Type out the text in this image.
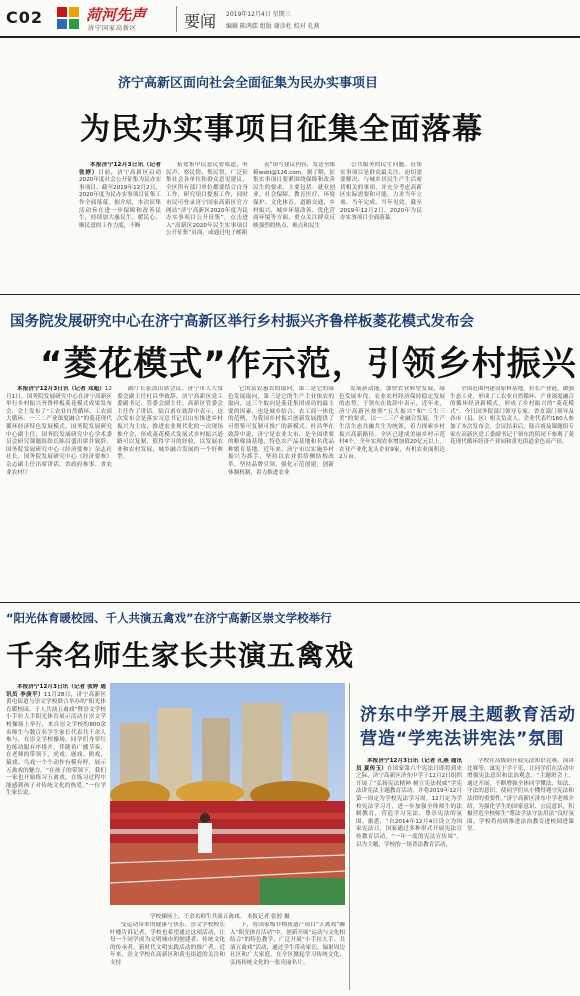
C02	菏河先声
济宁国家高新区	要闻 2019年12月4日 星期三
编辑 陈鸿儒 组版 谢彦杜 校对 孔燕
济宁高新区面向社会全面征集为民办实事项目
为民办实事项目征集全面落幕

本报济宁12月3日讯（记者 张婷）目前，济宁高新区启动2020年度社会公开征集为民办实事项目，截至2019年12月2日，2020年度为民办实事项目征集工作全面落幕。据介绍，本次征集活动旨在进一步保障和改善民生，持续加大惠民生、暖民心、顺民意的工作力度，不断

拓宽集中民意民智渠道，听民声、察民情、集民智，广泛征集社会各单位和群众意见建议，全区所有部门单位都要结合自身工作，研究项目提报工作，同时市民可登录济宁国家高新区官方网站“济宁高新区2020年度为民办实事项目公开征集”，点击进入“高新区2020年民生实事项目公开征集”页面，或通过电子邮箱

表”填写建议内容，发送至邮箱wsbl@126.com。据了解，征集实事项目要紧围绕保障和改善民生的要求，主要包括：就业创业、社会保障、教育医疗、环境保护、文化体育、道路交通、乡村振兴、城乡环境改善、优化营商环境等方面，重点关注群众反映强烈的热点、难点和民生

公共服务的民生问题。征集实事项目是群众最关注、迫切需要解决、与城乡居民生产生活密切相关的事项，并充分考虑高新区实际需要和可能，力求当年立项、当年完成、当年见效。截至2019年12月2日，2020年为民办实事项目全面落幕。

国务院发展研究中心在济宁高新区举行乡村振兴齐鲁样板菱花模式发布会
“菱花模式”作示范，引领乡村振兴

本报济宁12月3日讯（记者 邓超）12月1日，国务院发展研究中心在济宁高新区举行乡村振兴齐鲁样板菱花模式成果发布会，会上发布了“工农业自然循环、工农商大循环、一三二产业深度融合”的菱花现代循环经济特色发展模式。国务院发展研究中心副主任、国务院发展研究中心学术委员会研究课题组组长陈昌盛出席并致辞，国务院发展研究中心《经济要参》杂志社社长、国务院发展研究中心《经济要参》杂志副主任出席讲话，省政府参事、省农业农村厅

副厅长张凯出席会议。济宁市人大常委会副主任杜昌华致辞，济宁高新区党工委副书记、管委会副主任、高新区管委会主任作了讲话。陆百甫在致辞中表示，这次发布会是落实习总书记以山东推进乡村振兴为主攻、推进农业现代化的一次现场推介会，形成菱花模式发展式乡村振兴道路可以复制、值得学习的经验，以发展农业和农村发展，城乡融合发展的一个好典型。

它的富农惠农的取向，第二是它的绿色发展取向，第三是它的生产主业依农的取向，这三个取向是菱花集团成功的最主要的因素，也是城乡结合、农工商一体化的范例，为我国乡村振兴创新发展提供了可借鉴可复制可推广的新模式。杜昌华在致辞中说，济宁是农业大市，是全国重要的粮棉油基地，特色农产品基地和名优品种繁育基地。近年来，济宁市以实施乡村振兴为抓手，坚持以农业供给侧结构改革，坚持品牌引领，强化示范创建，创新体制机制，着力推进农业

发展新动能，加快农业转型发展，绿色发展步伐，农业农村经济保持稳定发展的态势。于领东在致辞中表示，近年来，济宁高新区按照“五大振兴”和“三生三美”的要求，以一二三产业融合发展、生产生活生态共融共生为统领，着力探索乡村振兴高新路径。全区已建成美丽乡村示范村4个，全年实现农业增加值20亿元以上，农业产业化龙头企业9家，有机农业面积达2万亩。

全国范围内建设原料基地，拉长产业链，做强生态工业，形成了工农业自然循环、产业深度融合的循环经济新模式，形成了乡村振兴的“菱花模式”。今日国务院部门领导专家、省直部门领导及各市（县、区）相关负责人、企业代表约160人参加了本次发布会。会议结束后，陆百甫及课题组专家在高新区党工委副书记于领东的陪同下参观了菱花现代循环经济产业园和黄屯街道金色高产田。

“阳光体育暖校园、千人共演五禽戏”在济宁高新区崇文学校举行
千余名师生家长共演五禽戏

本报济宁12月3日讯（记者 张婷 通讯员 李庚平）11月28日，济宁高新区黄屯街道与崇文学校联合举办的“阳光体育暖校园、千人共演五禽戏”暨崇文学校小手拉大手阳光体育展示活动在崇文学校操场上举行，来自崇文学校的800余名师生与数百名学生家长代表共千余人参与。在崇文学校操场，同学们身穿红色练功服有序排开，伴随着广播节奏，在老师的带领下，虎戏、鹿戏、熊戏、猿戏、鸟戏一个个动作有模有样，展示五禽戏的魅力。“在孩子的带领下，我们一家也开始练习五禽戏，在练习过程中能感到孩子对传统文化的热爱。”一位学生家长说。

学校操场上，千余名师生共演五禽戏。 本报记者 张婷 摄

受运动带来的健康与快乐。崇文学校校长叶楼告诉记者，学校也希望通过这项活动，让每一个同学成为文明城市的创建者、传统文化的传承者、新时代文明实践活动的推广者。近年来，崇文学校在高新区和黄屯街道的关注和支持

下，将国家级非物质遗产项目“五禽戏”融入“阳光体育活动”中，创新开展“运动与文化相结合”的特色教学，广泛开展“小手拉大手、共演五禽戏”活动，通过学生带动家长，辐射周边社区和广大家庭，在全区掀起学习传统文化、弘扬传统文化的一张亮丽名片。

济东中学开展主题教育活动
营造“学宪法讲宪法”氛围

本报济宁12月3日讯（记者 孔燕 通讯员 夏传玉）在国家第六个宪法日即将到来之际，济宁高新区济东中学于12月2日组织开展了“弘扬宪法精神 树立宪法权威”学宪法讲宪法主题教育活动，并将2019年12月第一周定为学校宪法学习周。12月定为学校宪法学习月，进一步加强全体师生的法制教育，营造学习宪法、尊崇宪法的氛围。据悉，“自2014年12月4日设立为国家宪法日，国家通过多种形式开展宪法宣传教育活动，“一年一度的宪法宣传周”，以为主题，学校的一场普法教育活动，

学校在高级别开展宪法知识竞赛、演讲比赛等，寓宪于学于乐，让同学们在活动中增强宪法意识和法治观念。“主题班会上，通过开展，不断增强全体同学懂法、知法、守法的意识，使同学们从小懂得遵守宪法和法律的重要性。”济宁高新区济东中学老师介绍，为强化学生的国家意识、公民意识，积极营造全校师生“尊法学法守法用法”良好氛围，学校将持续推进法治教育进校园进课堂。
